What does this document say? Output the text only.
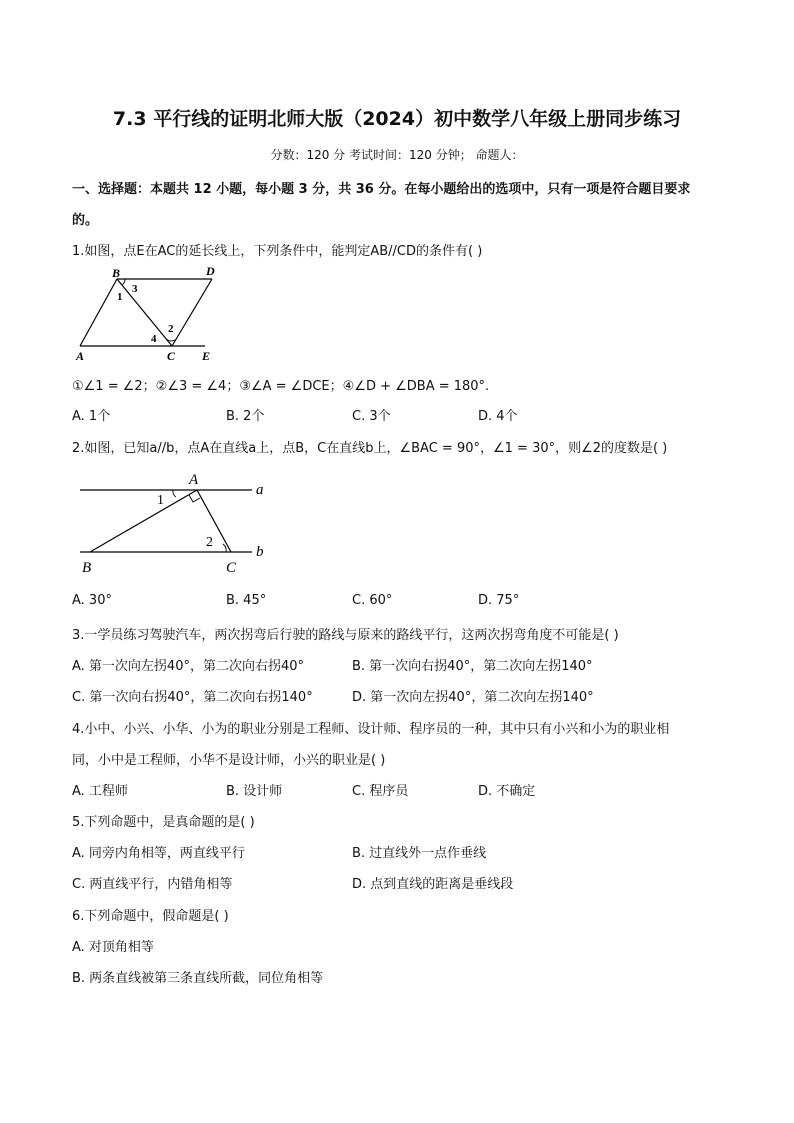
7.3 平行线的证明北师大版（2024）初中数学八年级上册同步练习
分数：120 分 考试时间：120 分钟； 命题人：
一、选择题：本题共 12 小题，每小题 3 分，共 36 分。在每小题给出的选项中，只有一项是符合题目要求
的。
1.如图，点E在AC的延长线上，下列条件中，能判定AB//CD的条件有( )
B	D
A	C E
1
3
2
4
①∠1 = ∠2；②∠3 = ∠4；③∠A = ∠DCE；④∠D + ∠DBA = 180°.
A. 1个	B. 2个	C. 3个	D. 4个
2.如图，已知a//b，点A在直线a上，点B，C在直线b上，∠BAC = 90°，∠1 = 30°，则∠2的度数是( )
A
a
b
B	C
1
2
A. 30°	B. 45°	C. 60°	D. 75°
3.一学员练习驾驶汽车，两次拐弯后行驶的路线与原来的路线平行，这两次拐弯角度不可能是( )
A. 第一次向左拐40°，第二次向右拐40°	B. 第一次向右拐40°，第二次向左拐140°
C. 第一次向右拐40°，第二次向右拐140°	D. 第一次向左拐40°，第二次向左拐140°
4.小中、小兴、小华、小为的职业分别是工程师、设计师、程序员的一种，其中只有小兴和小为的职业相
同，小中是工程师，小华不是设计师，小兴的职业是( )
A. 工程师	B. 设计师	C. 程序员	D. 不确定
5.下列命题中，是真命题的是( )
A. 同旁内角相等，两直线平行	B. 过直线外一点作垂线
C. 两直线平行，内错角相等	D. 点到直线的距离是垂线段
6.下列命题中，假命题是( )
A. 对顶角相等
B. 两条直线被第三条直线所截，同位角相等
